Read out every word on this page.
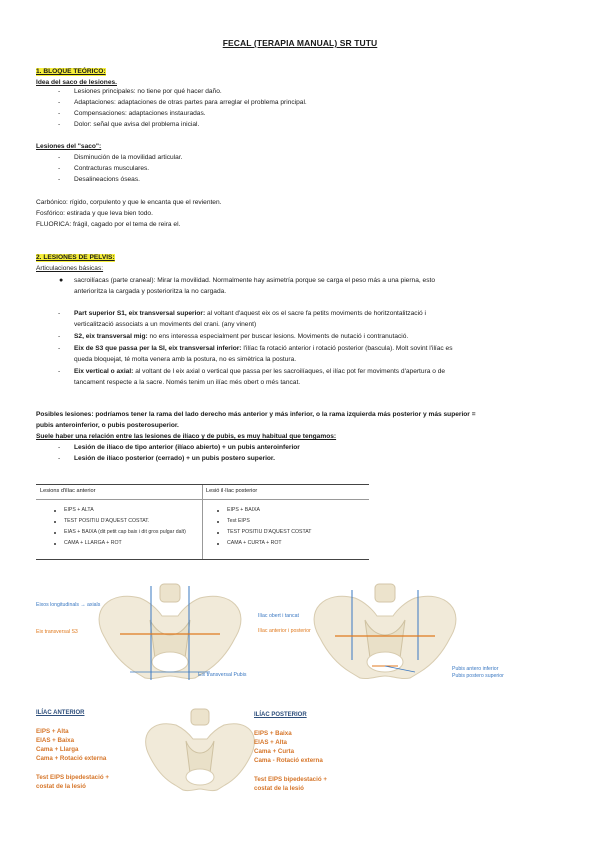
FECAL (TERAPIA MANUAL) SR TUTU
1. BLOQUE TEÓRICO:
Idea del saco de lesiones.
- Lesiones principales: no tiene por qué hacer daño.
- Adaptaciones: adaptaciones de otras partes para arreglar el problema principal.
- Compensaciones: adaptaciones instauradas.
- Dolor: señal que avisa del problema inicial.
Lesiones del "saco":
- Disminución de la movilidad articular.
- Contracturas musculares.
- Desalineacions óseas.
Carbónico: rígido, corpulento y que le encanta que el revienten.
Fosfórico: estirada y que leva bien todo.
FLUORICA: frágil, cagado por el tema de reira el.
2. LESIONES DE PELVIS:
Articulaciones básicas:
● sacroilíacas (parte craneal): Mirar la movilidad. Normalmente hay asimetría porque se carga el peso más a una pierna, esto
anteriorítza la cargada y posterioritza la no cargada.
- Part superior S1, eix transversal superior: al voltant d'aquest eix os el sacre fa petits moviments de horitzontalització i
verticalització associats a un moviments del crani. (any vinent)
- S2, eix transversal mig: no ens interessa especialment per buscar lesions. Moviments de nutació i contranutació.
- Eix de S3 que passa per la SI, eix transversal inferior: l'ilíac fa rotació anterior i rotació posterior (bascula). Molt sovint l'ilíac es
queda bloquejat, té molta venera amb la postura, no es simètrica la postura.
- Eix vertical o axial: al voltant de l eix axial o vertical que passa per les sacroilíaques, el ilíac pot fer moviments d'apertura o de
tancament respecte a la sacre. Només tenim un ilíac més obert o més tancat.
Posibles lesiones: podríamos tener la rama del lado derecho más anterior y más inferior, o la rama izquierda más posterior y más superior =
pubis anteroinferior, o pubis posterosuperior.
Suele haber una relación entre las lesiones de ilíaco y de pubis, es muy habitual que tengamos:
- Lesión de ilíaco de tipo anterior (ilíaco abierto) + un pubis anteroinferior
- Lesión de ilíaco posterior (cerrado) + un pubis postero superior.
Lesions d'ilíac anterior	Lesió il·líac posterior
EIPS + ALTA
TEST POSITIU D'AQUEST COSTAT.
EIAS + BAIXA (dit petit cap baix i dit gros pulgar dalt)
CAMA + LLARGA + ROT
EIPS + BAIXA
Test EIPS
TEST POSITIU D'AQUEST COSTAT
CAMA + CURTA + ROT
Eixos longitudinals → axials
Eix transversal S3
Eix transversal Pubis
Ilíac obert i tancat
Ilíac anterior i posterior
Pubis antero inferior
Pubis postero superior
ILÍAC ANTERIOR
EIPS + Alta
EIAS + Baixa
Cama + Llarga
Cama + Rotació externa
Test EIPS bipedestació +
costat de la lesió
ILÍAC POSTERIOR
EIPS + Baixa
EIAS + Alta
Cama + Curta
Cama - Rotació externa
Test EIPS bipedestació +
costat de la lesió
